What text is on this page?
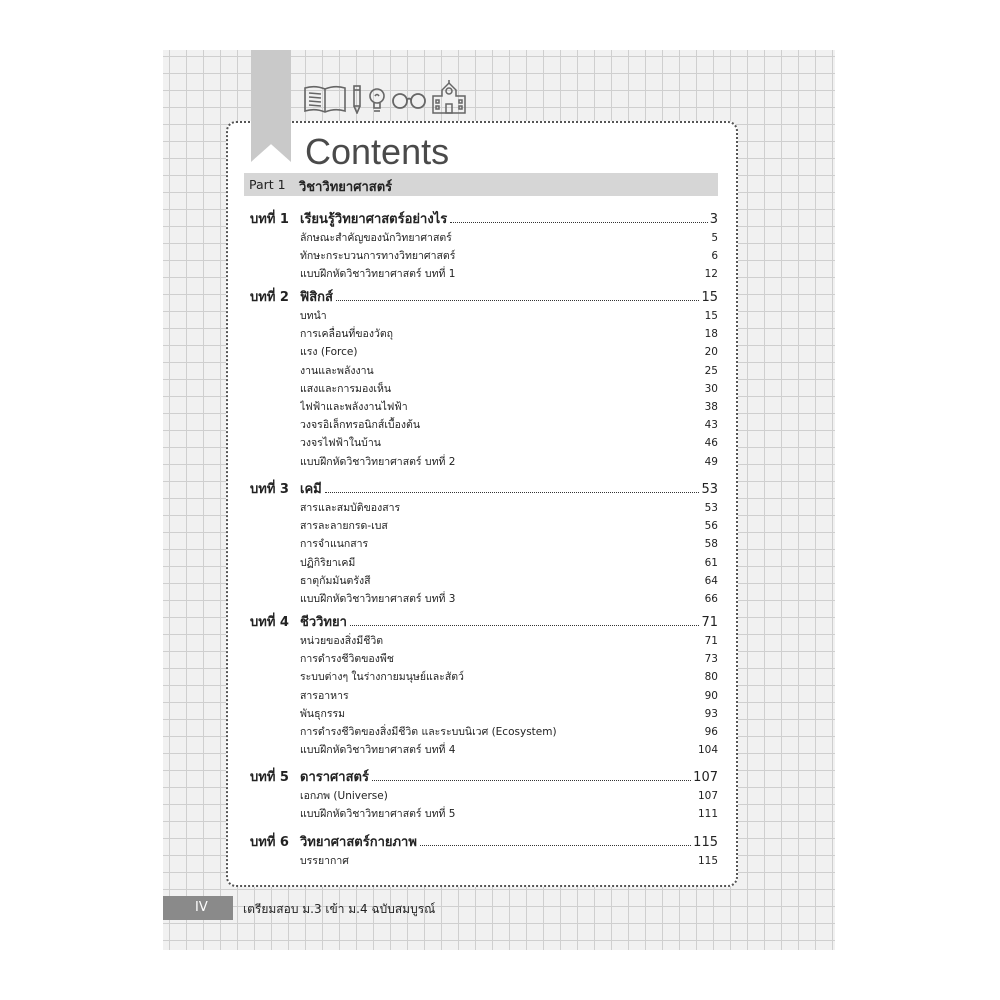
Contents
Part 1 วิชาวิทยาศาสตร์
บทที่ 1 เรียนรู้วิทยาศาสตร์อย่างไร	3
ลักษณะสำคัญของนักวิทยาศาสตร์	5
ทักษะกระบวนการทางวิทยาศาสตร์	6
แบบฝึกหัดวิชาวิทยาศาสตร์ บทที่ 1	12
บทที่ 2 ฟิสิกส์	15
บทนำ	15
การเคลื่อนที่ของวัตถุ	18
แรง (Force)	20
งานและพลังงาน	25
แสงและการมองเห็น	30
ไฟฟ้าและพลังงานไฟฟ้า	38
วงจรอิเล็กทรอนิกส์เบื้องต้น	43
วงจรไฟฟ้าในบ้าน	46
แบบฝึกหัดวิชาวิทยาศาสตร์ บทที่ 2	49
บทที่ 3 เคมี	53
สารและสมบัติของสาร	53
สารละลายกรด-เบส	56
การจำแนกสาร	58
ปฏิกิริยาเคมี	61
ธาตุกัมมันตรังสี	64
แบบฝึกหัดวิชาวิทยาศาสตร์ บทที่ 3	66
บทที่ 4 ชีววิทยา	71
หน่วยของสิ่งมีชีวิต	71
การดำรงชีวิตของพืช	73
ระบบต่างๆ ในร่างกายมนุษย์และสัตว์	80
สารอาหาร	90
พันธุกรรม	93
การดำรงชีวิตของสิ่งมีชีวิต และระบบนิเวศ (Ecosystem)	96
แบบฝึกหัดวิชาวิทยาศาสตร์ บทที่ 4	104
บทที่ 5 ดาราศาสตร์	107
เอกภพ (Universe)	107
แบบฝึกหัดวิชาวิทยาศาสตร์ บทที่ 5	111
บทที่ 6 วิทยาศาสตร์กายภาพ	115
บรรยากาศ	115
IV	เตรียมสอบ ม.3 เข้า ม.4 ฉบับสมบูรณ์
